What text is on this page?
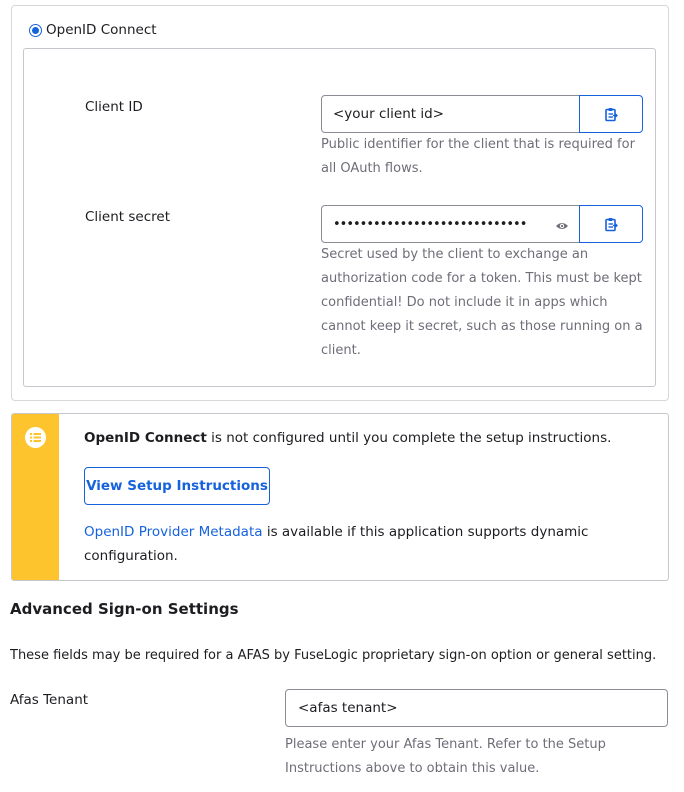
OpenID Connect
Client ID	<your client id>

Public identifier for the client that is required for all OAuth flows.

Client secret	•••••••••••••••••••••••••••••

Secret used by the client to exchange an authorization code for a token. This must be kept confidential! Do not include it in apps which cannot keep it secret, such as those running on a client.

OpenID Connect is not configured until you complete the setup instructions.

View Setup Instructions

OpenID Provider Metadata is available if this application supports dynamic configuration.

Advanced Sign-on Settings

These fields may be required for a AFAS by FuseLogic proprietary sign-on option or general setting.

Afas Tenant	<afas tenant>

Please enter your Afas Tenant. Refer to the Setup Instructions above to obtain this value.
